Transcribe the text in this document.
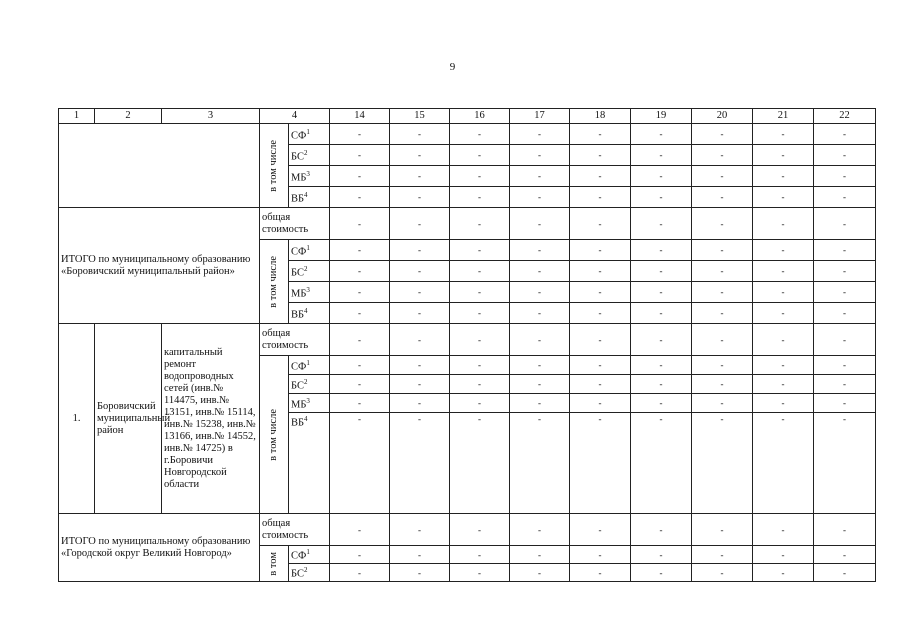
9
1	2	3	4		14	15	16	17	18	19	20	21	22

			в том числе	$СФ^1$	-	-	-	-	-	-	-	-	-
				$БС^2$	-	-	-	-	-	-	-	-	-
				$МБ^3$	-	-	-	-	-	-	-	-	-
				$ВБ^4$	-	-	-	-	-	-	-	-	-
ИТОГО по муниципальному образованию «Боровичский муниципальный район»			общая стоимость		-	-	-	-	-	-	-	-	-

			в том числе	$СФ^1$	-	-	-	-	-	-	-	-	-
				$БС^2$	-	-	-	-	-	-	-	-	-
				$МБ^3$	-	-	-	-	-	-	-	-	-
				$ВБ^4$	-	-	-	-	-	-	-	-	-
1.	Боровичский муниципальный район	капитальный ремонт водопроводных сетей (инв.№ 114475, инв.№ 13151, инв.№ 15114, инв.№ 15238, инв.№ 13166, инв.№ 14552, инв.№ 14725) в г.Боровичи Новгородской области	общая стоимость		-	-	-	-	-	-	-	-	-

			в том числе	$СФ^1$	-	-	-	-	-	-	-	-	-
				$БС^2$	-	-	-	-	-	-	-	-	-
				$МБ^3$	-	-	-	-	-	-	-	-	-
				$ВБ^4$	-	-	-	-	-	-	-	-	-
ИТОГО по муниципальному образованию «Городской округ Великий Новгород»			общая стоимость		-	-	-	-	-	-	-	-	-

			в том	$СФ^1$	-	-	-	-	-	-	-	-	-
				$БС^2$	-	-	-	-	-	-	-	-	-
